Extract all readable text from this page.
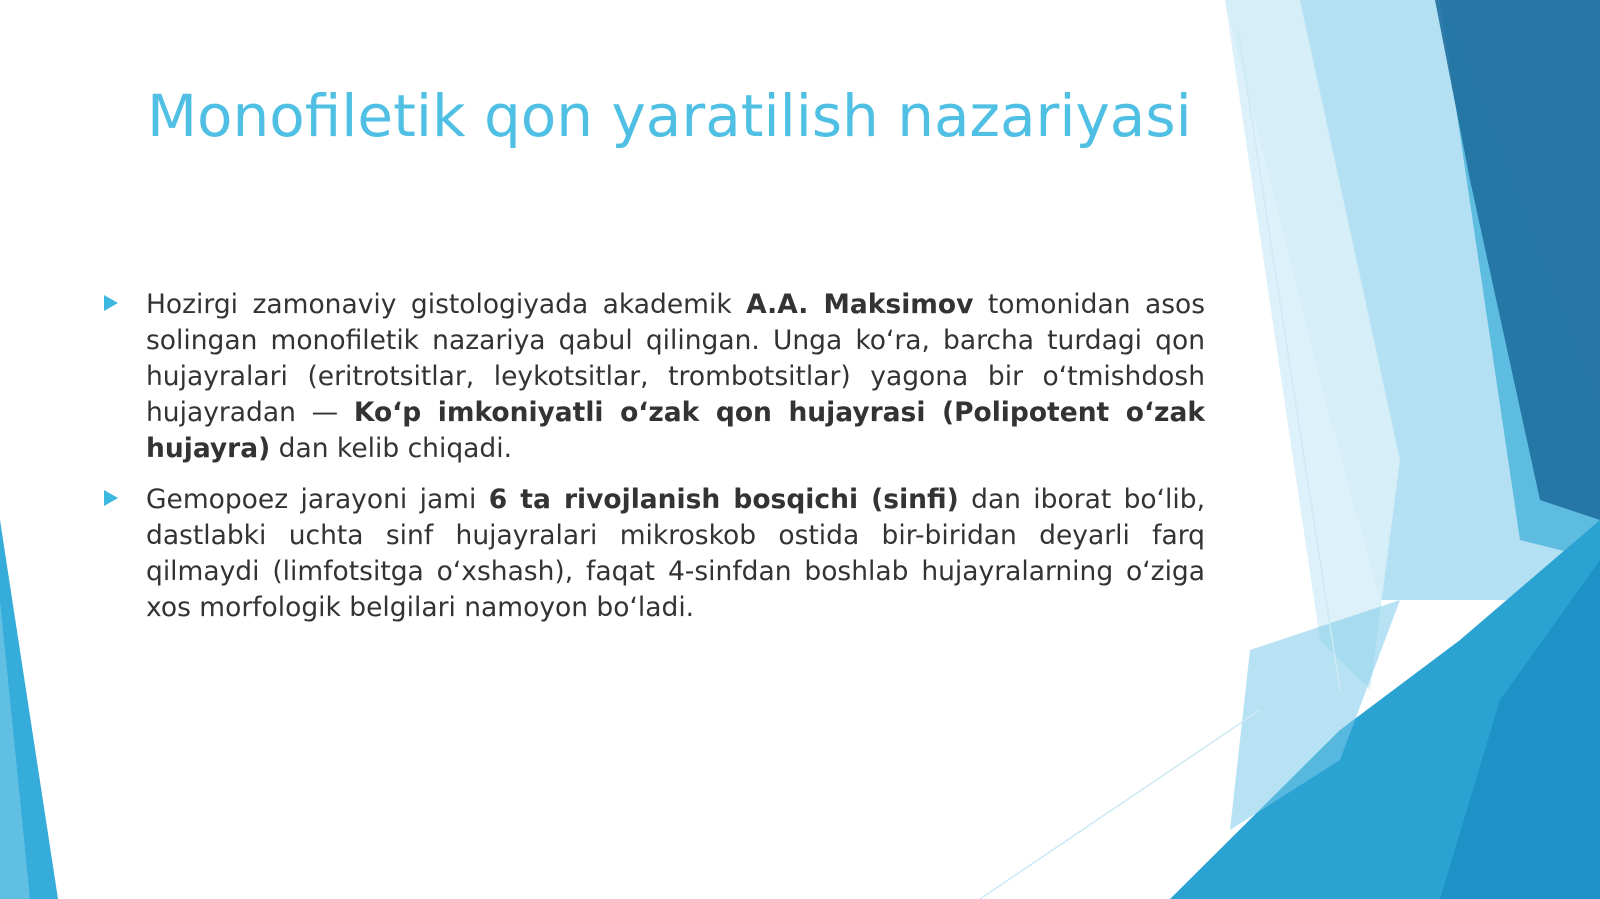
Monofiletik qon yaratilish nazariyasi
Hozirgi zamonaviy gistologiyada akademik A.A. Maksimov tomonidan asos solingan monofiletik nazariya qabul qilingan. Unga koʻra, barcha turdagi qon hujayralari (eritrotsitlar, leykotsitlar, trombotsitlar) yagona bir oʻtmishdosh hujayradan — Koʻp imkoniyatli oʻzak qon hujayrasi (Polipotent oʻzak hujayra) dan kelib chiqadi.
Gemopoez jarayoni jami 6 ta rivojlanish bosqichi (sinfi) dan iborat boʻlib, dastlabki uchta sinf hujayralari mikroskob ostida bir-biridan deyarli farq qilmaydi (limfotsitga oʻxshash), faqat 4-sinfdan boshlab hujayralarning oʻziga xos morfologik belgilari namoyon boʻladi.
